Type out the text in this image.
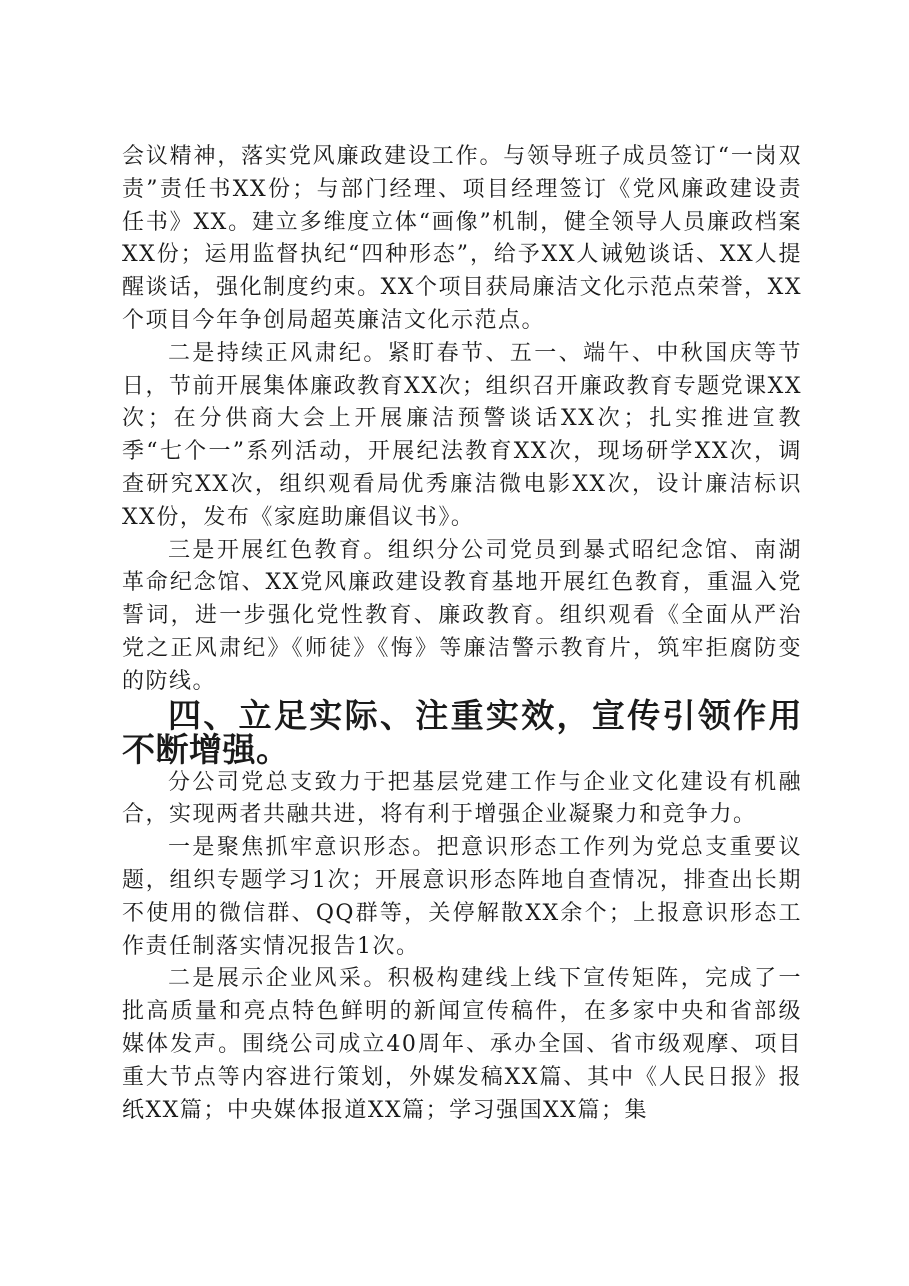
会议精神，落实党风廉政建设工作。与领导班子成员签订“一岗双责”责任书XX份；与部门经理、项目经理签订《党风廉政建设责任书》XX。建立多维度立体“画像”机制，健全领导人员廉政档案XX份；运用监督执纪“四种形态”，给予XX人诫勉谈话、XX人提醒谈话，强化制度约束。XX个项目获局廉洁文化示范点荣誉，XX个项目今年争创局超英廉洁文化示范点。

二是持续正风肃纪。紧盯春节、五一、端午、中秋国庆等节日，节前开展集体廉政教育XX次；组织召开廉政教育专题党课XX次；在分供商大会上开展廉洁预警谈话XX次；扎实推进宣教季“七个一”系列活动，开展纪法教育XX次，现场研学XX次，调查研究XX次，组织观看局优秀廉洁微电影XX次，设计廉洁标识XX份，发布《家庭助廉倡议书》。

三是开展红色教育。组织分公司党员到暴式昭纪念馆、南湖革命纪念馆、XX党风廉政建设教育基地开展红色教育，重温入党誓词，进一步强化党性教育、廉政教育。组织观看《全面从严治党之正风肃纪》《师徒》《悔》等廉洁警示教育片，筑牢拒腐防变的防线。

四、立足实际、注重实效，宣传引领作用不断增强。

分公司党总支致力于把基层党建工作与企业文化建设有机融合，实现两者共融共进，将有利于增强企业凝聚力和竞争力。

一是聚焦抓牢意识形态。把意识形态工作列为党总支重要议题，组织专题学习1次；开展意识形态阵地自查情况，排查出长期不使用的微信群、QQ群等，关停解散XX余个；上报意识形态工作责任制落实情况报告1次。

二是展示企业风采。积极构建线上线下宣传矩阵，完成了一批高质量和亮点特色鲜明的新闻宣传稿件，在多家中央和省部级媒体发声。围绕公司成立40周年、承办全国、省市级观摩、项目重大节点等内容进行策划，外媒发稿XX篇、其中《人民日报》报纸XX篇；中央媒体报道XX篇；学习强国XX篇；集
